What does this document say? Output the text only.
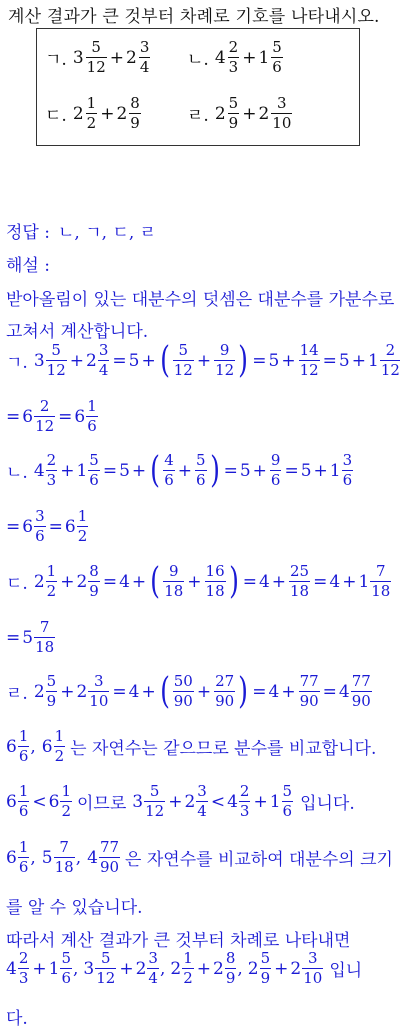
계산 결과가 큰 것부터 차례로 기호를 나타내시오.
ㄱ. $3 \frac{5}{12} + 2 \frac{3}{4}$ ㄴ. $4 \frac{2}{3} + 1 \frac{5}{6}$
ㄷ. $2 \frac{1}{2} + 2 \frac{8}{9}$	ㄹ. $2 \frac{5}{9} + 2 \frac{3}{10}$
정답 : ㄴ, ㄱ, ㄷ, ㄹ
해설 :
받아올림이 있는 대분수의 덧셈은 대분수를 가분수로
고쳐서 계산합니다.
ㄱ. $3 \frac{5}{12} + 2 \frac{3}{4} = 5$ + ( $\frac{5}{12} + \frac{9}{12}$ ) = $5 + \frac{14}{12} = 5 + 1 \frac{2}{12}$
= $6 \frac{2}{12} = 6 \frac{1}{6}$
ㄴ. $4 \frac{2}{3} + 1 \frac{5}{6} = 5$ + ( $\frac{4}{6} + \frac{5}{6}$ ) = $5 + \frac{9}{6} = 5 + 1 \frac{3}{6}$
= $6 \frac{3}{6} = 6 \frac{1}{2}$
ㄷ. $2 \frac{1}{2} + 2 \frac{8}{9} = 4$ + ( $\frac{9}{18} + \frac{16}{18}$ ) = $4 + \frac{25}{18} = 4 + 1 \frac{7}{18}$
= $5 \frac{7}{18}$
ㄹ. $2 \frac{5}{9} + 2 \frac{3}{10} = 4$ + ( $\frac{50}{90} + \frac{27}{90}$ ) = $4 + \frac{77}{90} = 4 \frac{77}{90}$
$6 \frac{1}{6}$ , $6 \frac{1}{2}$ 는 자연수는 같으므로 분수를 비교합니다.
$6 \frac{1}{6} < 6 \frac{1}{2}$ 이므로 $3 \frac{5}{12} + 2 \frac{3}{4} < 4 \frac{2}{3} + 1 \frac{5}{6}$ 입니다.
$6 \frac{1}{6}$ , $5 \frac{7}{18}$ , $4 \frac{77}{90}$ 은 자연수를 비교하여 대분수의 크기
를 알 수 있습니다.
따라서 계산 결과가 큰 것부터 차례로 나타내면
$4 \frac{2}{3} + 1 \frac{5}{6}$ , $3 \frac{5}{12} + 2 \frac{3}{4}$ , $2 \frac{1}{2} + 2 \frac{8}{9}$ , $2 \frac{5}{9} + 2 \frac{3}{10}$ 입니
다.
